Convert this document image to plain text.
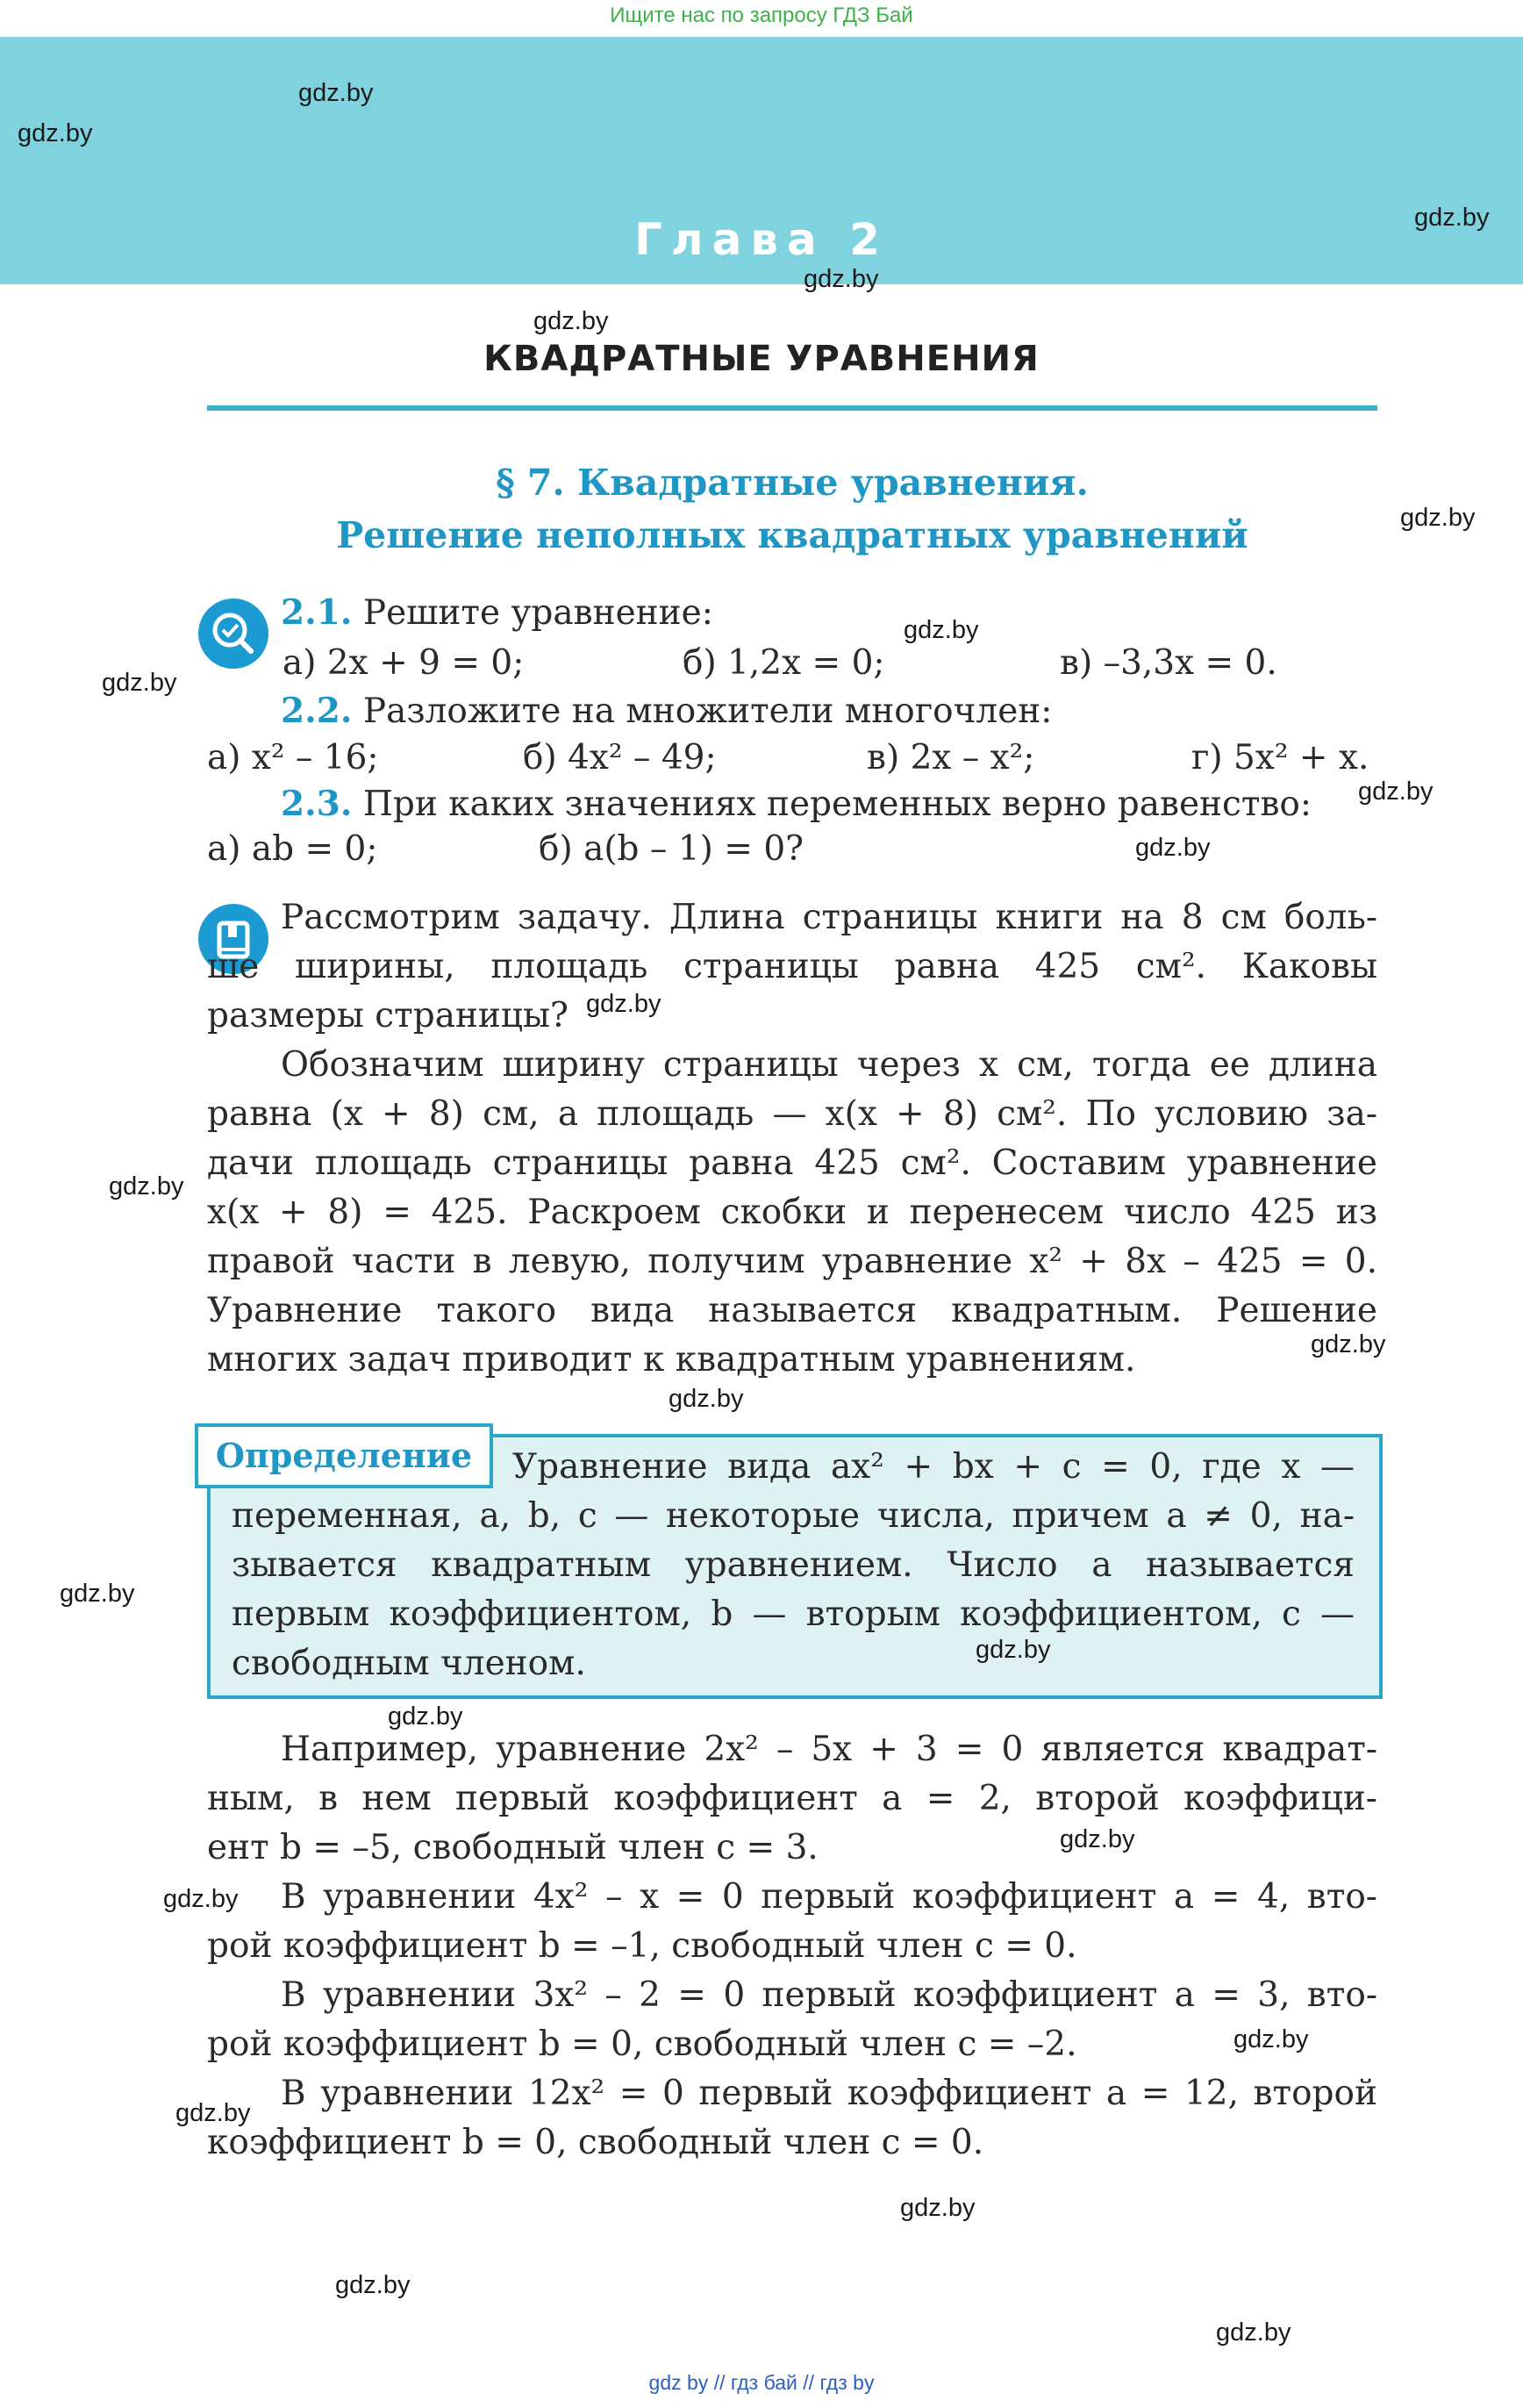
Ищите нас по запросу ГДЗ Бай
Глава 2
КВАДРАТНЫЕ УРАВНЕНИЯ
§ 7. Квадратные уравнения.
Решение неполных квадратных уравнений
2.1. Решите уравнение:
а) 2x + 9 = 0;	б) 1,2x = 0;	в) –3,3x = 0.
2.2. Разложите на множители многочлен:
а) x² – 16;	б) 4x² – 49;	в) 2x – x²;	г) 5x² + x.
2.3. При каких значениях переменных верно равенство:
а) ab = 0;	б) a(b – 1) = 0?
Рассмотрим задачу. Длина страницы книги на 8 см боль-
ше ширины, площадь страницы равна 425 см². Каковы
размеры страницы?
Обозначим ширину страницы через x см, тогда ее длина
равна (x + 8) см, а площадь — x(x + 8) см². По условию за-
дачи площадь страницы равна 425 см². Составим уравнение
x(x + 8) = 425. Раскроем скобки и перенесем число 425 из
правой части в левую, получим уравнение x² + 8x – 425 = 0.
Уравнение такого вида называется квадратным. Решение
многих задач приводит к квадратным уравнениям.
Определение	Уравнение вида ax² + bx + c = 0, где x —
переменная, a, b, c — некоторые числа, причем a ≠ 0, на-
зывается квадратным уравнением. Число a называется
первым коэффициентом, b — вторым коэффициентом, c —
свободным членом.
Например, уравнение 2x² – 5x + 3 = 0 является квадрат-
ным, в нем первый коэффициент a = 2, второй коэффици-
ент b = –5, свободный член c = 3.
В уравнении 4x² – x = 0 первый коэффициент a = 4, вто-
рой коэффициент b = –1, свободный член c = 0.
В уравнении 3x² – 2 = 0 первый коэффициент a = 3, вто-
рой коэффициент b = 0, свободный член c = –2.
В уравнении 12x² = 0 первый коэффициент a = 12, второй
коэффициент b = 0, свободный член c = 0.
gdz.by
gdz.by
gdz.by
gdz.by
gdz.by
gdz.by
gdz.by
gdz.by
gdz.by
gdz.by
gdz.by
gdz.by
gdz.by
gdz.by
gdz.by
gdz.by
gdz.by
gdz.by
gdz.by
gdz.by
gdz.by
gdz.by
gdz.by
gdz.by
gdz by // гдз бай // гдз by
